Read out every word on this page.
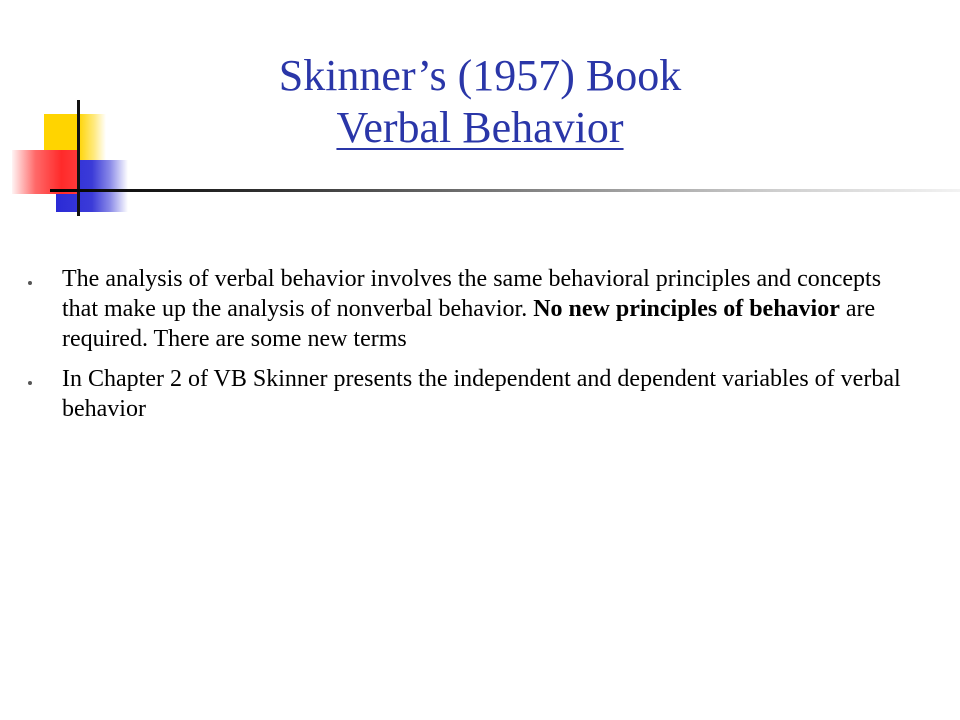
Skinner’s (1957) Book
Verbal Behavior
The analysis of verbal behavior involves the same behavioral principles and concepts that make up the analysis of nonverbal behavior. No new principles of behavior are required. There are some new terms
In Chapter 2 of VB Skinner presents the independent and dependent variables of verbal behavior
